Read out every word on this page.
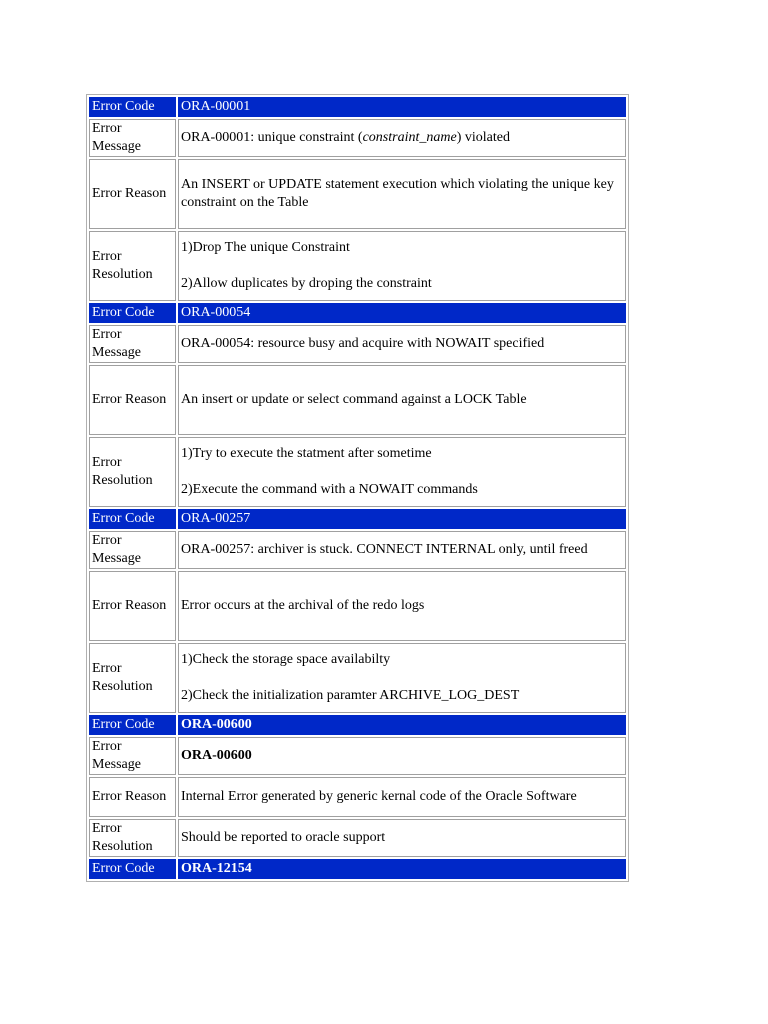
Error Code	ORA-00001
Error Message	ORA-00001: unique constraint (constraint_name) violated
Error Reason	An INSERT or UPDATE statement execution which violating the unique key constraint on the Table
Error Resolution	1)Drop The unique Constraint

2)Allow duplicates by droping the constraint

Error Code	ORA-00054
Error Message	ORA-00054: resource busy and acquire with NOWAIT specified
Error Reason	An insert or update or select command against a LOCK Table
Error Resolution	1)Try to execute the statment after sometime

2)Execute the command with a NOWAIT commands

Error Code	ORA-00257
Error Message	ORA-00257: archiver is stuck. CONNECT INTERNAL only, until freed
Error Reason	Error occurs at the archival of the redo logs
Error Resolution	1)Check the storage space availabilty

2)Check the initialization paramter ARCHIVE_LOG_DEST

Error Code	ORA-00600
Error Message	ORA-00600
Error Reason	Internal Error generated by generic kernal code of the Oracle Software
Error Resolution	Should be reported to oracle support
Error Code	ORA-12154
